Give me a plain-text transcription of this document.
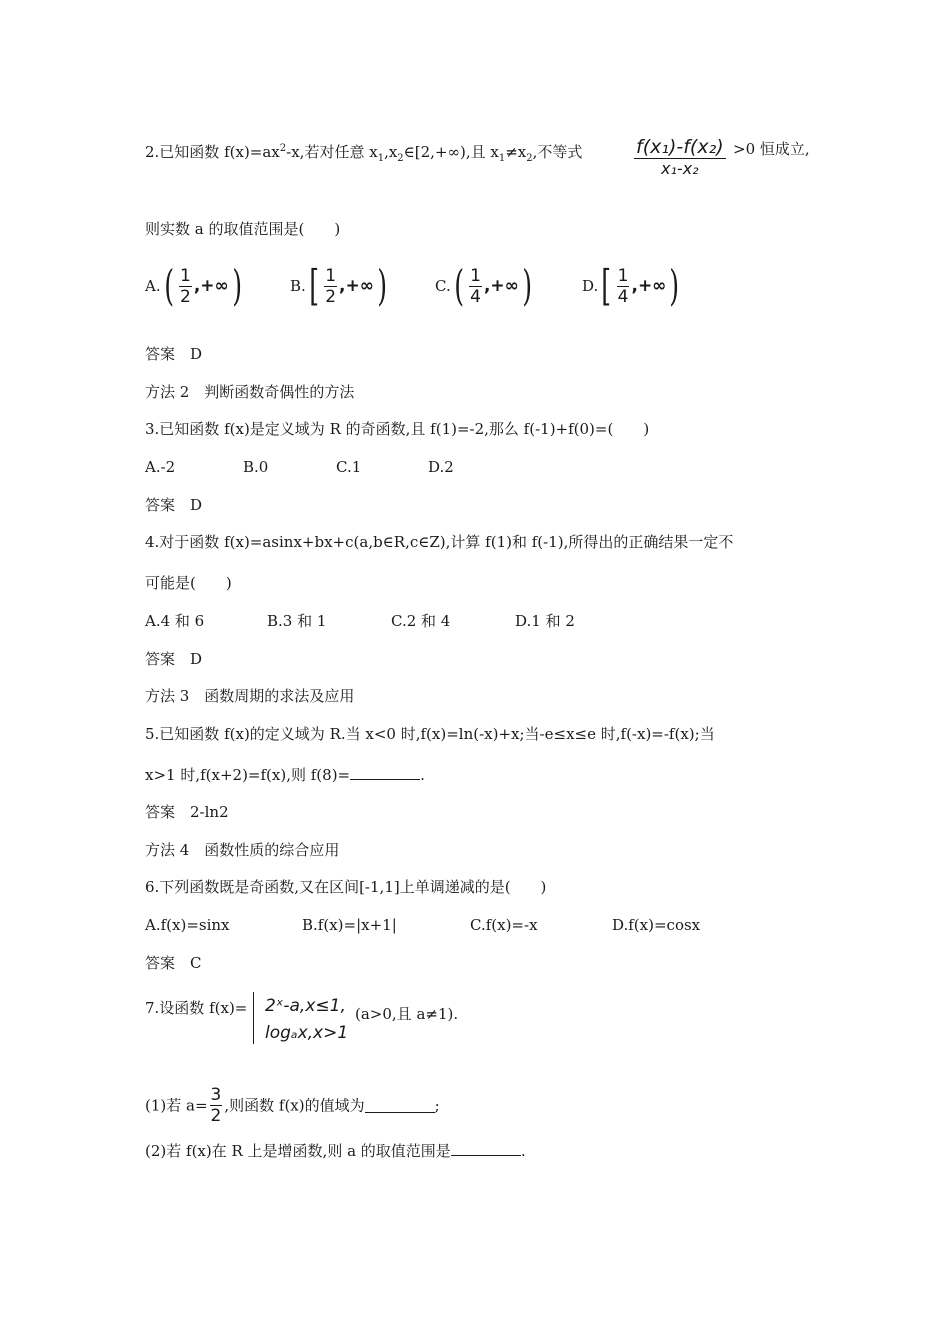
2.已知函数 $f(x)=ax^2-x$,若对任意 $x_1,x_2\in[2,+\infty)$,且 $x_1\ne x_2$,不等式	f(x₁)-f(x₂)
x₁-x₂
>0 恒成立,
则实数 a 的取值范围是(　　)
$A.( \frac{1}{2}$ ,+∞)	$B.[ \frac{1}{2}$ ,+∞)	$C.( \frac{1}{4}$ ,+∞)	$D.[ \frac{1}{4}$ ,+∞)
答案　D
方法 2　判断函数奇偶性的方法
3.已知函数 f(x)是定义域为 R 的奇函数,且 f(1)=-2,那么 f(-1)+f(0)=(　　)
A.-2	B.0	C.1	D.2
答案　D
4.对于函数 f(x)=asinx+bx+c(a,b∈R,c∈Z),计算 f(1)和 f(-1),所得出的正确结果一定不
可能是(　　)
A.4 和 6	B.3 和 1	C.2 和 4	D.1 和 2
答案　D
方法 3　函数周期的求法及应用
5.已知函数 f(x)的定义域为 R.当 x<0 时,f(x)=ln(-x)+x;当-e≤x≤e 时,f(-x)=-f(x);当
x>1 时,f(x+2)=f(x),则 f(8)=	.
答案　2-ln2
方法 4　函数性质的综合应用
6.下列函数既是奇函数,又在区间[-1,1]上单调递减的是(　　)
A.f(x)=sinx	B.f(x)=|x+1|	C.f(x)=-x	D.f(x)=cosx
答案　C
7.设函数 f(x)= 2ˣ-a,x≤1,
logₐx,x>1
(a>0,且 a≠1).
(1)若 $a= \frac{3}{2}$ ,则函数 f(x)的值域为	;
(2)若 f(x)在 R 上是增函数,则 a 的取值范围是	.
